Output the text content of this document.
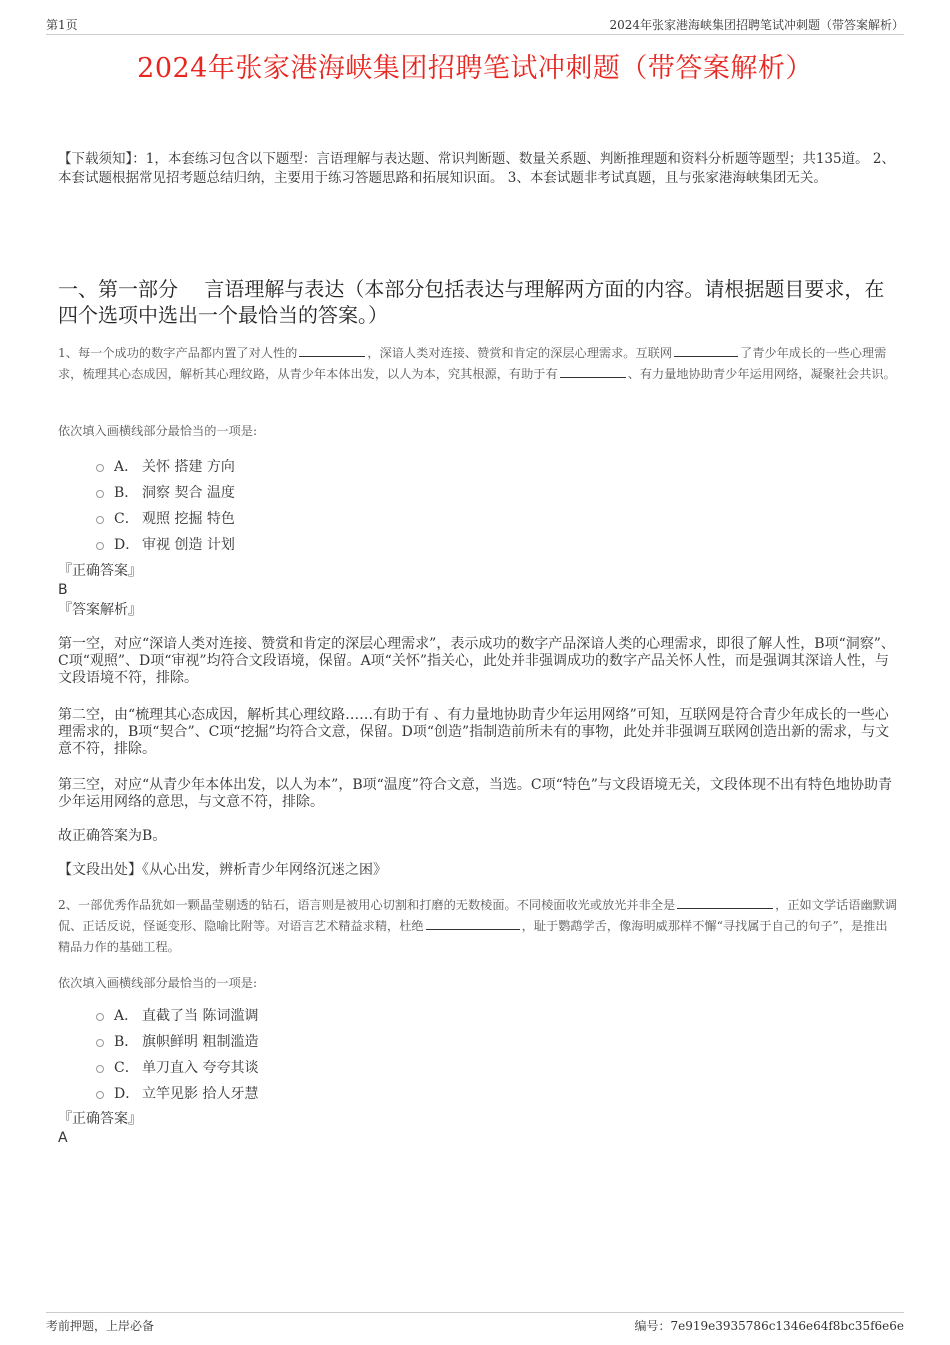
第1页	2024年张家港海峡集团招聘笔试冲刺题（带答案解析）
2024年张家港海峡集团招聘笔试冲刺题（带答案解析）
【下载须知】：1，本套练习包含以下题型：言语理解与表达题、常识判断题、数量关系题、判断推理题和资料分析题等题型；共135道。 2、本套试题根据常见招考题总结归纳，主要用于练习答题思路和拓展知识面。 3、本套试题非考试真题，且与张家港海峡集团无关。
一、第一部分　 言语理解与表达（本部分包括表达与理解两方面的内容。请根据题目要求，在四个选项中选出一个最恰当的答案。）
1、每一个成功的数字产品都内置了对人性的	，深谙人类对连接、赞赏和肯定的深层心理需求。互联网	了青少年成长的一些心理需求，梳理其心态成因，解析其心理纹路，从青少年本体出发，以人为本，究其根源，有助于有	、有力量地协助青少年运用网络，凝聚社会共识。
依次填入画横线部分最恰当的一项是:
A． 关怀 搭建 方向
B． 洞察 契合 温度
C． 观照 挖掘 特色
D． 审视 创造 计划
『正确答案』
B
『答案解析』
第一空，对应“深谙人类对连接、赞赏和肯定的深层心理需求”，表示成功的数字产品深谙人类的心理需求，即很了解人性，B项“洞察”、C项“观照”、D项“审视”均符合文段语境，保留。A项“关怀”指关心，此处并非强调成功的数字产品关怀人性，而是强调其深谙人性，与文段语境不符，排除。
第二空，由“梳理其心态成因，解析其心理纹路……有助于有 、有力量地协助青少年运用网络”可知，互联网是符合青少年成长的一些心理需求的，B项“契合”、C项“挖掘”均符合文意，保留。D项“创造”指制造前所未有的事物，此处并非强调互联网创造出新的需求，与文意不符，排除。
第三空，对应“从青少年本体出发，以人为本”，B项“温度”符合文意，当选。C项“特色”与文段语境无关，文段体现不出有特色地协助青少年运用网络的意思，与文意不符，排除。
故正确答案为B。
【文段出处】《从心出发，辨析青少年网络沉迷之困》
2、一部优秀作品犹如一颗晶莹剔透的钻石，语言则是被用心切割和打磨的无数棱面。不同棱面收光或放光并非全是	，正如文学话语幽默调侃、正话反说，怪诞变形、隐喻比附等。对语言艺术精益求精，杜绝	，耻于鹦鹉学舌，像海明威那样不懈“寻找属于自己的句子”，是推出精品力作的基础工程。
依次填入画横线部分最恰当的一项是:
A． 直截了当 陈词滥调
B． 旗帜鲜明 粗制滥造
C． 单刀直入 夸夸其谈
D． 立竿见影 拾人牙慧
『正确答案』
A
考前押题，上岸必备	编号：7e919e3935786c1346e64f8bc35f6e6e
